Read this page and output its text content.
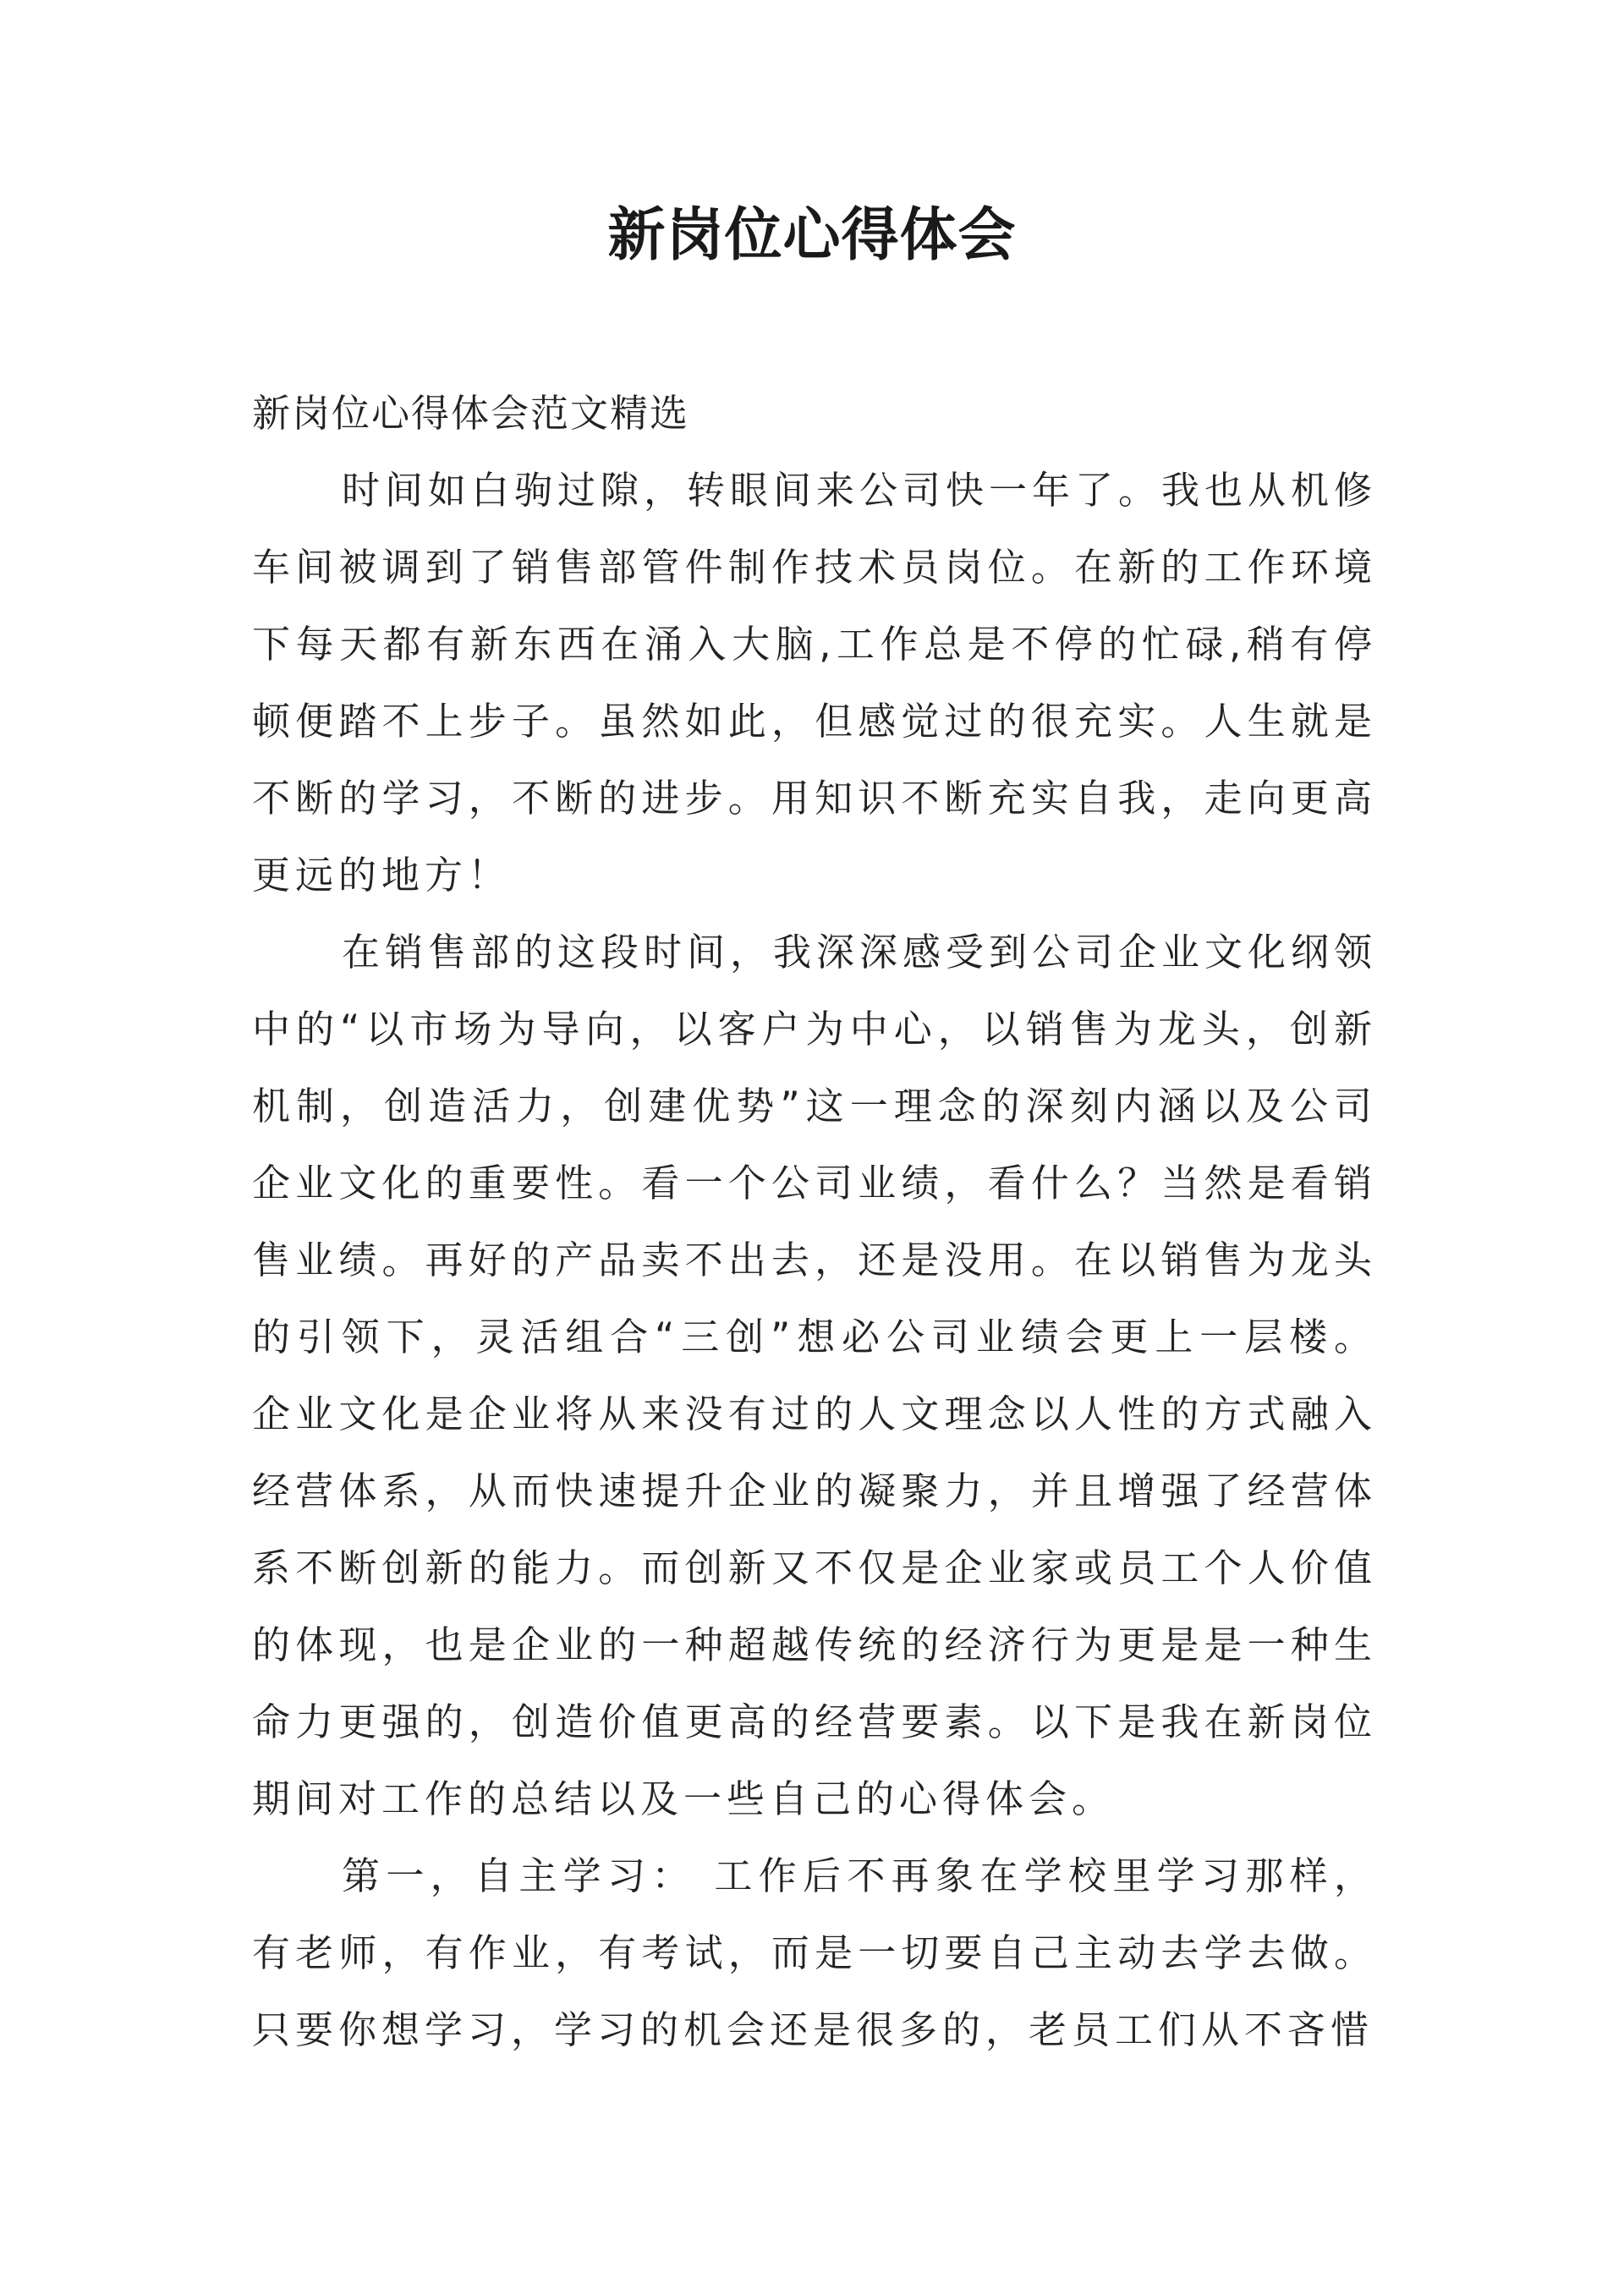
新岗位心得体会

新岗位心得体会范文精选

时间如白驹过隙，转眼间来公司快一年了。我也从机修车间被调到了销售部管件制作技术员岗位。在新的工作环境下每天都有新东西在涌入大脑,工作总是不停的忙碌,稍有停顿便踏不上步子。虽然如此，但感觉过的很充实。人生就是不断的学习，不断的进步。用知识不断充实自我，走向更高更远的地方！

在销售部的这段时间，我深深感受到公司企业文化纲领中的“以市场为导向，以客户为中心，以销售为龙头，创新机制，创造活力，创建优势”这一理念的深刻内涵以及公司企业文化的重要性。看一个公司业绩，看什么？当然是看销售业绩。再好的产品卖不出去，还是没用。在以销售为龙头的引领下，灵活组合“三创”想必公司业绩会更上一层楼。企业文化是企业将从来没有过的人文理念以人性的方式融入经营体系，从而快速提升企业的凝聚力，并且增强了经营体系不断创新的能力。而创新又不仅是企业家或员工个人价值的体现，也是企业的一种超越传统的经济行为更是是一种生命力更强的，创造价值更高的经营要素。以下是我在新岗位期间对工作的总结以及一些自己的心得体会。

第一，自主学习： 工作后不再象在学校里学习那样，有老师，有作业，有考试，而是一切要自己主动去学去做。只要你想学习，学习的机会还是很多的，老员工们从不吝惜
